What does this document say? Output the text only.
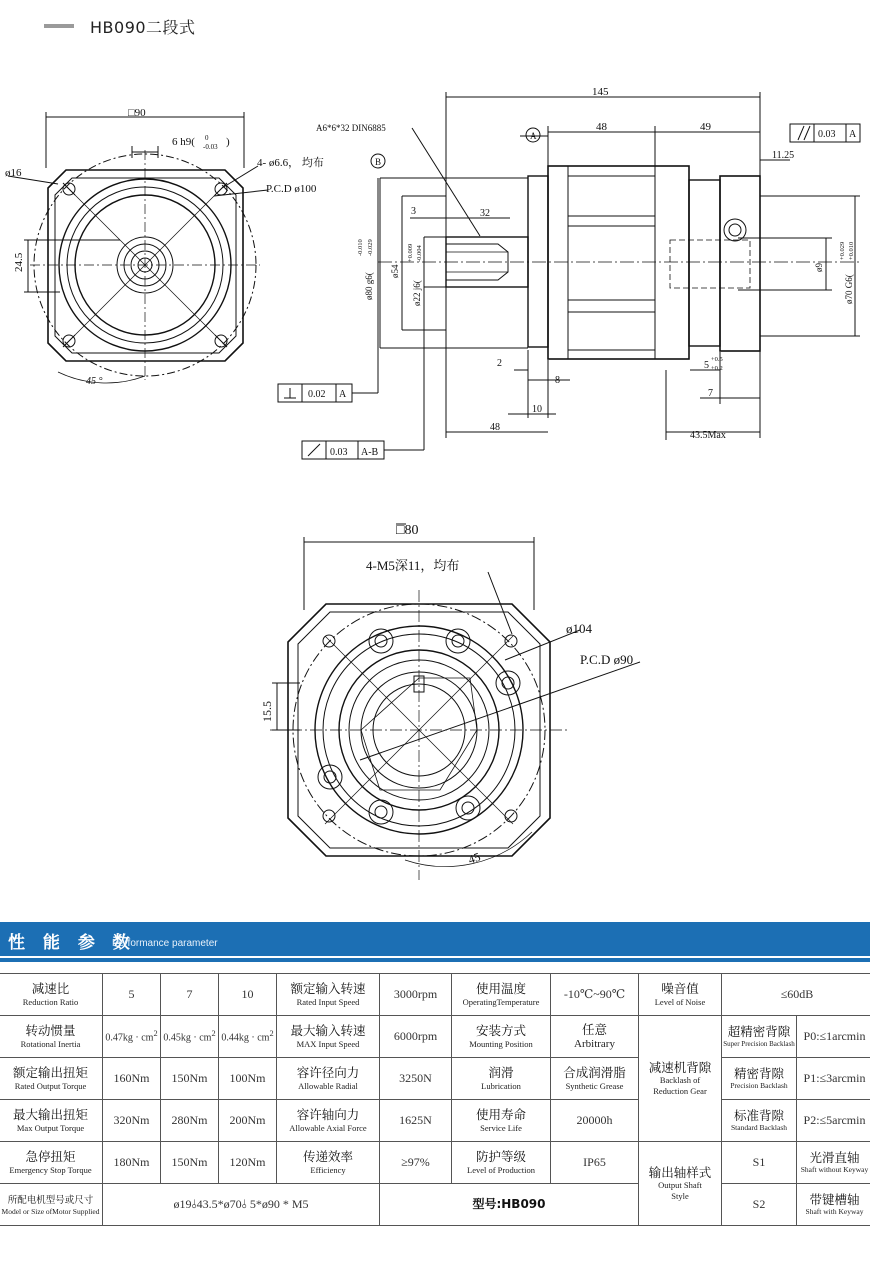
HB090二段式
□90
6 h9( 0
-0.03 )
ø16
4- ø6.6， 均布
P.C.D ø100
24.5
45 °
145
48	49
11.25
A6*6*32 DIN6885
A
B
0.03 A
3	32
ø80 g6(
-0.010 -0.029
ø54
ø22 j6(
+0.009 -0.004
ø9
ø70 G6(
+0.029 +0.010
2
8
10
48
5
+0.5
+0.2
7
43.5Max
0.02 A
0.03 A-B
□80
4-M5深11，均布
ø104
P.C.D ø90
15.5
45
性 能 参 数
Performance parameter
减速比
Reduction Ratio	5	7	10	额定输入转速
Rated Input Speed	3000rpm	使用温度
OperatingTemperature	-10℃~90℃	噪音值
Level of Noise	≤60dB	
转动惯量
Rotational Inertia	$0.47kg \cdot cm^2$	$0.45kg \cdot cm^2$	$0.44kg \cdot cm^2$	最大输入转速
MAX Input Speed	6000rpm	安装方式
Mounting Position	任意
Arbitrary	减速机背隙
Backlash of
Reduction Gear	超精密背隙
Super Precision Backlash	P0:≤1arcmin
额定输出扭矩
Rated Output Torque	160Nm	150Nm	100Nm	容许径向力
Allowable Radial	3250N	润滑
Lubrication	合成润滑脂
Synthetic Grease		精密背隙
Precision Backlash	P1:≤3arcmin
最大输出扭矩
Max Output Torque	320Nm	280Nm	200Nm	容许轴向力
Allowable Axial Force	1625N	使用寿命
Service Life	20000h		标准背隙
Standard Backlash	P2:≤5arcmin
急停扭矩
Emergency Stop Torque	180Nm	150Nm	120Nm	传递效率
Efficiency	≥97%	防护等级
Level of Production	IP65	输出轴样式
Output Shaft
Style	S1	光滑直轴
Shaft without Keyway

所配电机型号或尺寸
Model or Size ofMotor Supplied	ø19⫰43.5*ø70⫰ 5*ø90 * M5				型号:HB090				S2	带键槽轴
Shaft with Keyway
